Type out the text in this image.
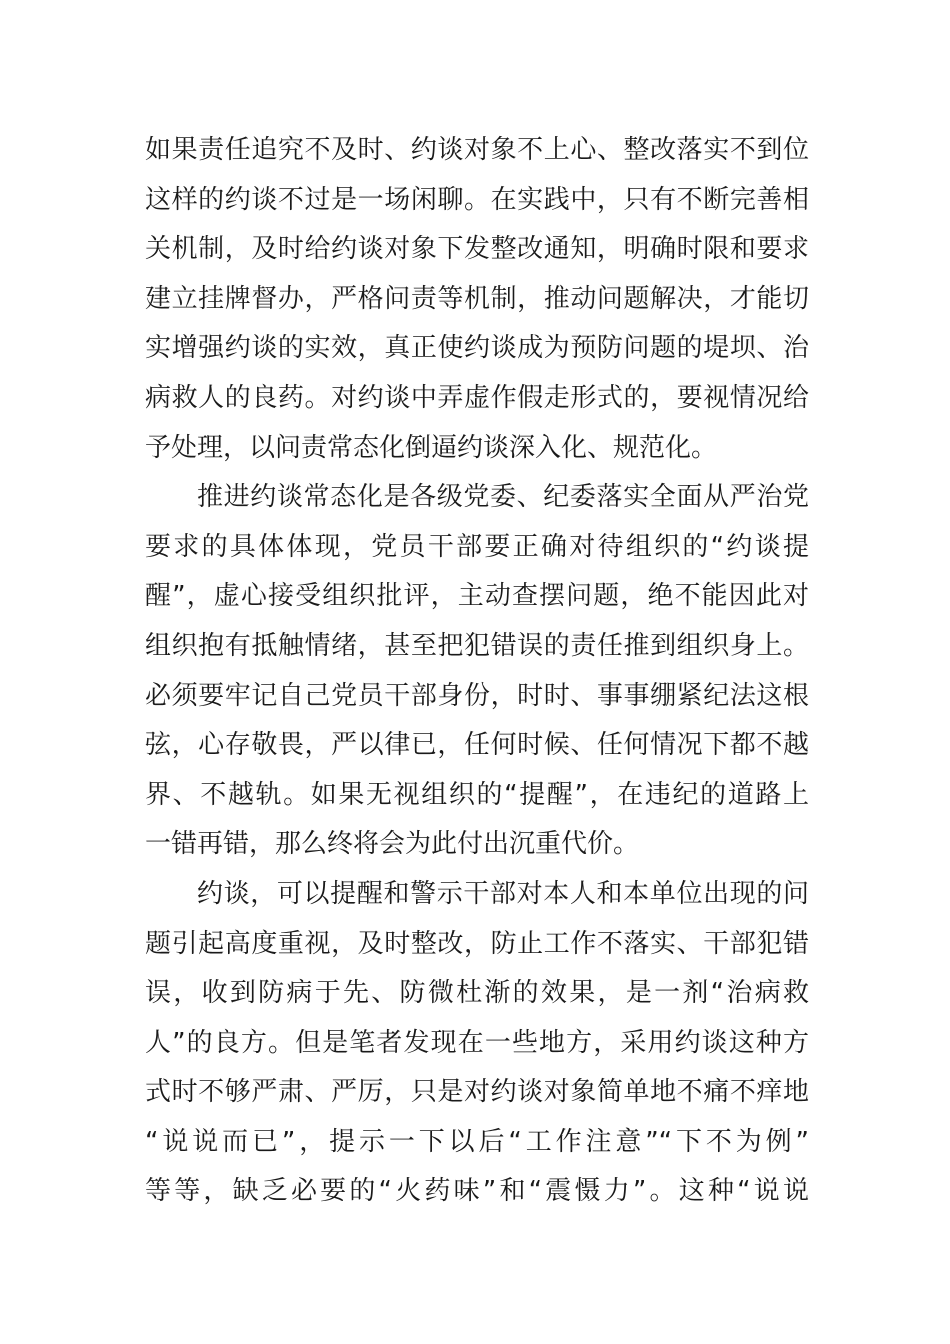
如果责任追究不及时、约谈对象不上心、整改落实不到位
这样的约谈不过是一场闲聊。在实践中，只有不断完善相
关机制，及时给约谈对象下发整改通知，明确时限和要求
建立挂牌督办，严格问责等机制，推动问题解决，才能切
实增强约谈的实效，真正使约谈成为预防问题的堤坝、治
病救人的良药。对约谈中弄虚作假走形式的，要视情况给
予处理，以问责常态化倒逼约谈深入化、规范化。
推进约谈常态化是各级党委、纪委落实全面从严治党
要求的具体体现，党员干部要正确对待组织的“约谈提
醒”，虚心接受组织批评，主动查摆问题，绝不能因此对
组织抱有抵触情绪，甚至把犯错误的责任推到组织身上。
必须要牢记自己党员干部身份，时时、事事绷紧纪法这根
弦，心存敬畏，严以律已，任何时候、任何情况下都不越
界、不越轨。如果无视组织的“提醒”，在违纪的道路上
一错再错，那么终将会为此付出沉重代价。
约谈，可以提醒和警示干部对本人和本单位出现的问
题引起高度重视，及时整改，防止工作不落实、干部犯错
误，收到防病于先、防微杜渐的效果，是一剂“治病救
人”的良方。但是笔者发现在一些地方，采用约谈这种方
式时不够严肃、严厉，只是对约谈对象简单地不痛不痒地
“说说而已”，提示一下以后“工作注意”“下不为例”
等等，缺乏必要的“火药味”和“震慑力”。这种“说说
